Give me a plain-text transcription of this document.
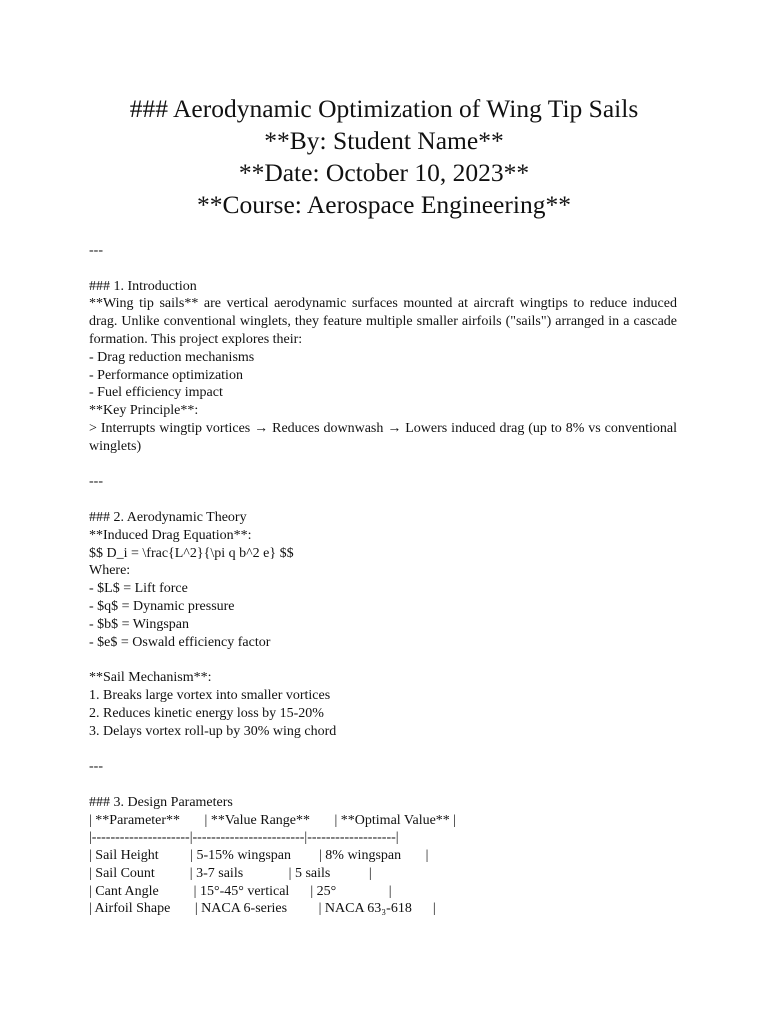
### Aerodynamic Optimization of Wing Tip Sails
**By: Student Name**
**Date: October 10, 2023**
**Course: Aerospace Engineering**
---
### 1. Introduction
**Wing tip sails** are vertical aerodynamic surfaces mounted at aircraft wingtips to reduce induced drag. Unlike conventional winglets, they feature multiple smaller airfoils ("sails") arranged in a cascade formation. This project explores their:
- Drag reduction mechanisms
- Performance optimization
- Fuel efficiency impact
**Key Principle**:
> Interrupts wingtip vortices → Reduces downwash → Lowers induced drag (up to 8% vs conventional winglets)
---
### 2. Aerodynamic Theory
**Induced Drag Equation**:
$$ D_i = \frac{L^2}{\pi q b^2 e} $$
Where:
- $L$ = Lift force
- $q$ = Dynamic pressure
- $b$ = Wingspan
- $e$ = Oswald efficiency factor
**Sail Mechanism**:
1. Breaks large vortex into smaller vortices
2. Reduces kinetic energy loss by 15-20%
3. Delays vortex roll-up by 30% wing chord
---
### 3. Design Parameters
| **Parameter**       | **Value Range**       | **Optimal Value** |
|---------------------|------------------------|-------------------|
| Sail Height         | 5-15% wingspan        | 8% wingspan       |
| Sail Count          | 3-7 sails             | 5 sails           |
| Cant Angle          | 15°-45° vertical      | 25°               |
| Airfoil Shape       | NACA 6-series         | NACA 63₃-618      |
